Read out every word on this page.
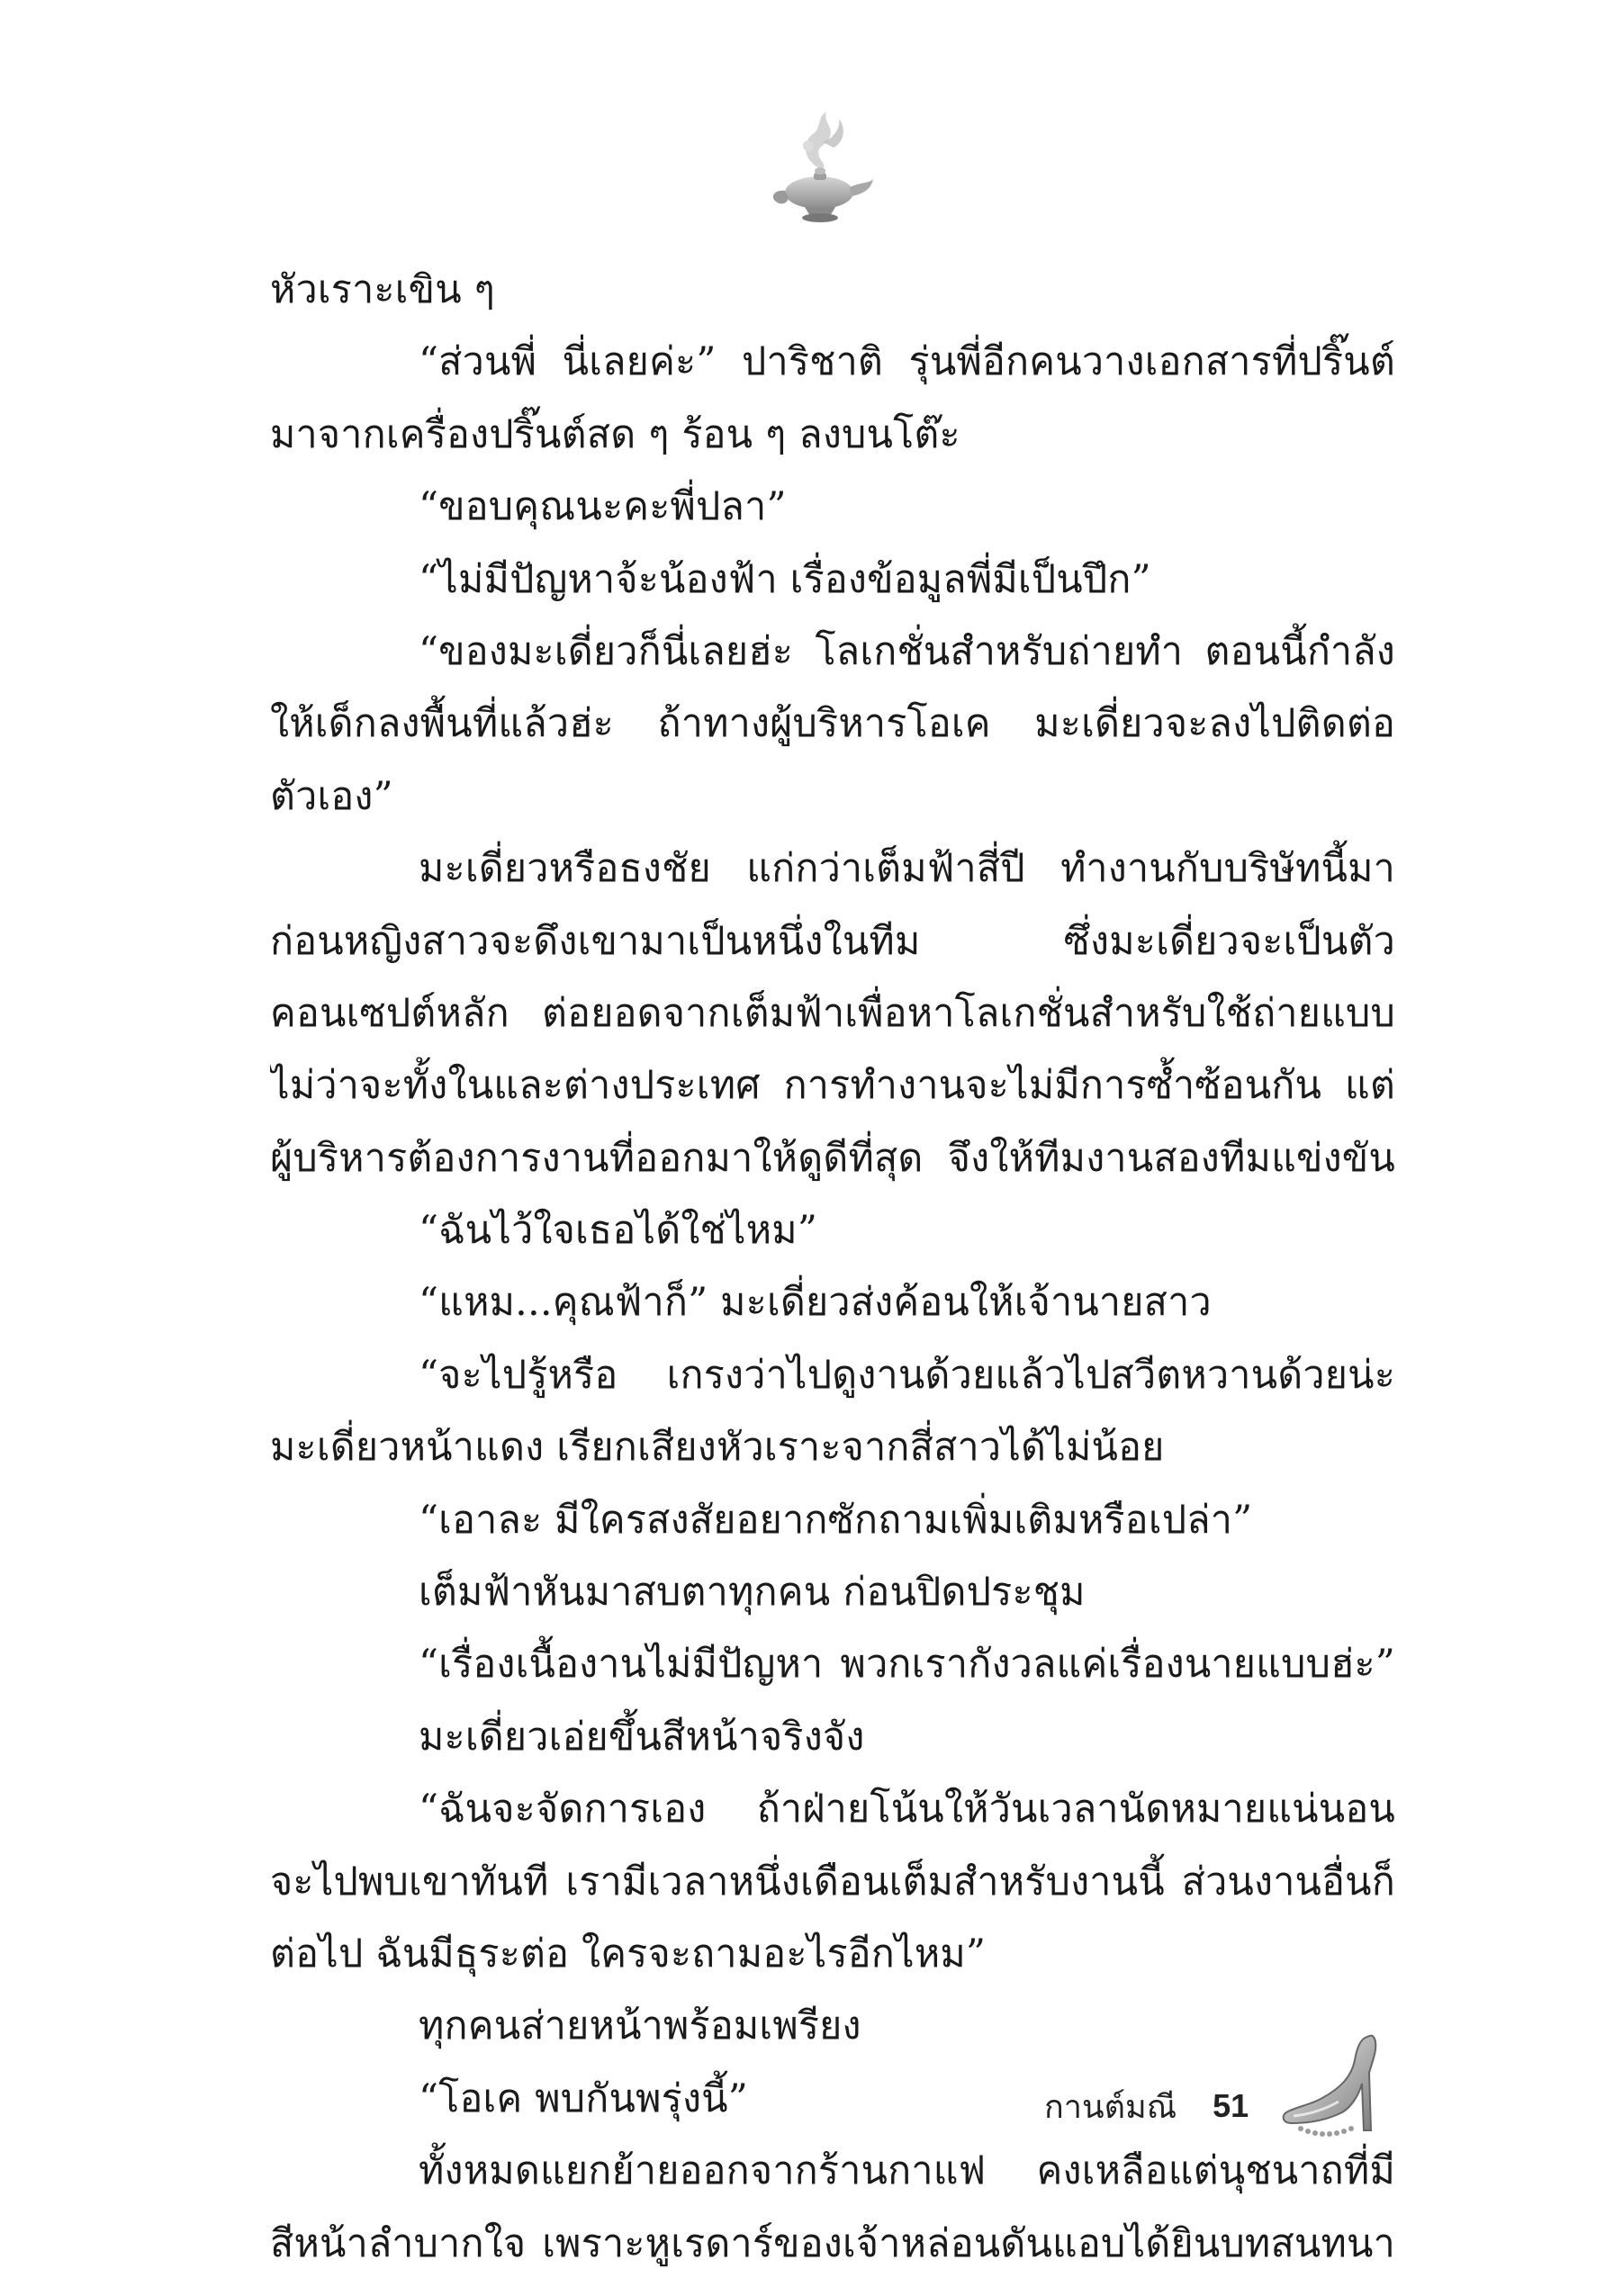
หัวเราะเขิน ๆ
“ส่วนพี่ นี่เลยค่ะ” ปาริชาติ รุ่นพี่อีกคนวางเอกสารที่ปริ๊นต์
มาจากเครื่องปริ๊นต์สด ๆ ร้อน ๆ ลงบนโต๊ะ
“ขอบคุณนะคะพี่ปลา”
“ไม่มีปัญหาจ้ะน้องฟ้า เรื่องข้อมูลพี่มีเป็นปึก”
“ของมะเดี่ยวก็นี่เลยฮ่ะ โลเกชั่นสำหรับถ่ายทำ ตอนนี้กำลัง
ให้เด็กลงพื้นที่แล้วฮ่ะ ถ้าทางผู้บริหารโอเค มะเดี่ยวจะลงไปติดต่อ
ตัวเอง”
มะเดี่ยวหรือธงชัย แก่กว่าเต็มฟ้าสี่ปี ทำงานกับบริษัทนี้มา
ก่อนหญิงสาวจะดึงเขามาเป็นหนึ่งในทีม ซึ่งมะเดี่ยวจะเป็นตัว
คอนเซปต์หลัก ต่อยอดจากเต็มฟ้าเพื่อหาโลเกชั่นสำหรับใช้ถ่ายแบบ
ไม่ว่าจะทั้งในและต่างประเทศ การทำงานจะไม่มีการซ้ำซ้อนกัน แต่
ผู้บริหารต้องการงานที่ออกมาให้ดูดีที่สุด จึงให้ทีมงานสองทีมแข่งขัน
“ฉันไว้ใจเธอได้ใช่ไหม”
“แหม...คุณฟ้าก็” มะเดี่ยวส่งค้อนให้เจ้านายสาว
“จะไปรู้หรือ เกรงว่าไปดูงานด้วยแล้วไปสวีตหวานด้วยน่ะ
มะเดี่ยวหน้าแดง เรียกเสียงหัวเราะจากสี่สาวได้ไม่น้อย
“เอาละ มีใครสงสัยอยากซักถามเพิ่มเติมหรือเปล่า”
เต็มฟ้าหันมาสบตาทุกคน ก่อนปิดประชุม
“เรื่องเนื้องานไม่มีปัญหา พวกเรากังวลแค่เรื่องนายแบบฮ่ะ”
มะเดี่ยวเอ่ยขึ้นสีหน้าจริงจัง
“ฉันจะจัดการเอง ถ้าฝ่ายโน้นให้วันเวลานัดหมายแน่นอน
จะไปพบเขาทันที เรามีเวลาหนึ่งเดือนเต็มสำหรับงานนี้ ส่วนงานอื่นก็
ต่อไป ฉันมีธุระต่อ ใครจะถามอะไรอีกไหม”
ทุกคนส่ายหน้าพร้อมเพรียง
“โอเค พบกันพรุ่งนี้”
ทั้งหมดแยกย้ายออกจากร้านกาแฟ คงเหลือแต่นุชนาถที่มี
สีหน้าลำบากใจ เพราะหูเรดาร์ของเจ้าหล่อนดันแอบได้ยินบทสนทนา
กานต์มณี 51
